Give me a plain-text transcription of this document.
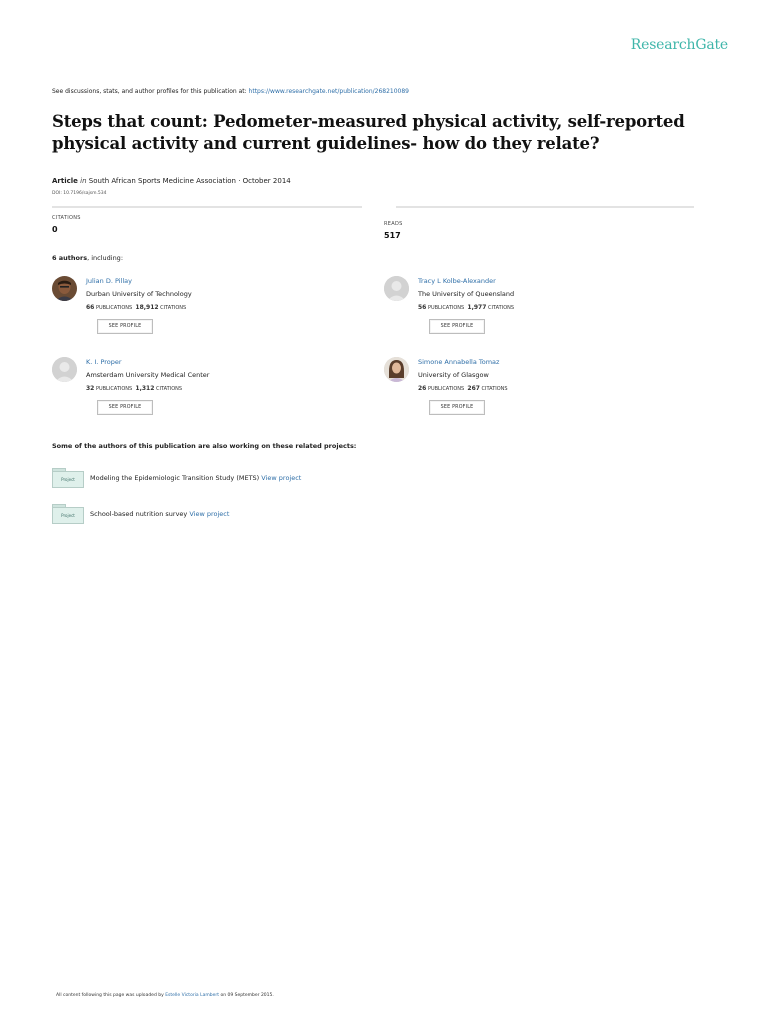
ResearchGate
See discussions, stats, and author profiles for this publication at: https://www.researchgate.net/publication/268210089
Steps that count: Pedometer-measured physical activity, self-reported physical activity and current guidelines- how do they relate?
Article in South African Sports Medicine Association · October 2014
DOI: 10.7196/sajsm.534
CITATIONS
0
READS
517
6 authors, including:
Julian D. Pillay
Durban University of Technology
66 PUBLICATIONS 18,912 CITATIONS
SEE PROFILE
Tracy L Kolbe-Alexander
The University of Queensland
56 PUBLICATIONS 1,977 CITATIONS
SEE PROFILE
K. I. Proper
Amsterdam University Medical Center
32 PUBLICATIONS 1,312 CITATIONS
SEE PROFILE
Simone Annabella Tomaz
University of Glasgow
26 PUBLICATIONS 267 CITATIONS
SEE PROFILE
Some of the authors of this publication are also working on these related projects:
Project	Modeling the Epidemiologic Transition Study (METS) View project
Project	School-based nutrition survey View project
All content following this page was uploaded by Estelle Victoria Lambert on 09 September 2015.
